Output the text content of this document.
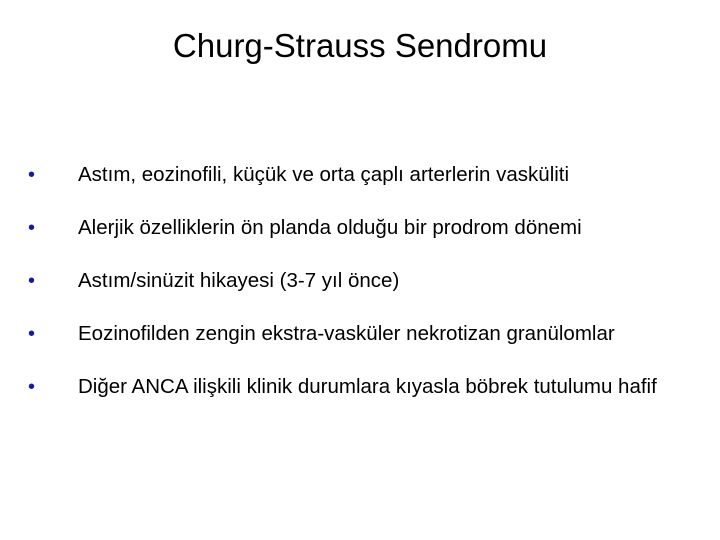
Churg-Strauss Sendromu
•	Astım, eozinofili, küçük ve orta çaplı arterlerin vasküliti
•	Alerjik özelliklerin ön planda olduğu bir prodrom dönemi
•	Astım/sinüzit hikayesi (3-7 yıl önce)
•	Eozinofilden zengin ekstra-vasküler nekrotizan granülomlar
•	Diğer ANCA ilişkili klinik durumlara kıyasla böbrek tutulumu hafif
